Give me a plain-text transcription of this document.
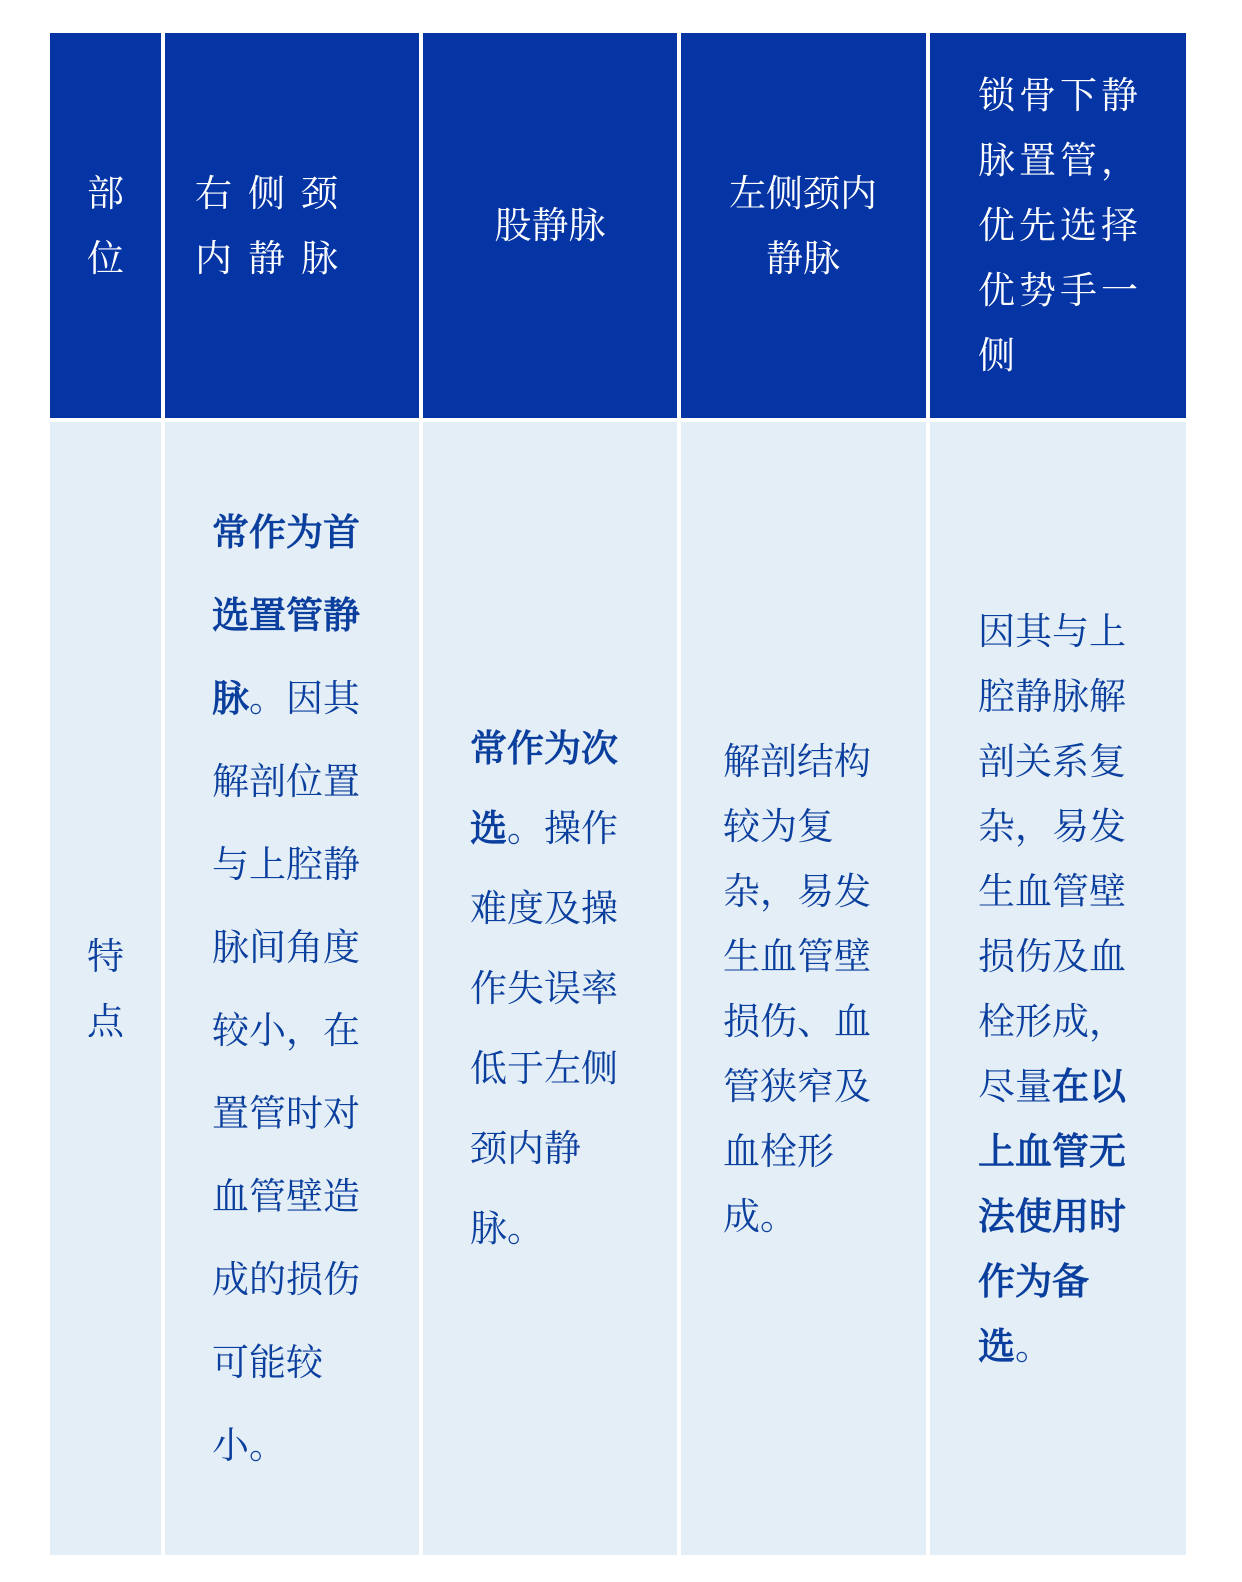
部位
右侧颈内静脉
股静脉
左侧颈内静脉
锁骨下静脉置管，优先选择优势手一侧
特点
常作为首选置管静脉。因其解剖位置与上腔静脉间角度较小，在置管时对血管壁造成的损伤可能较小。
常作为次选。操作难度及操作失误率低于左侧颈内静脉。
解剖结构较为复杂，易发生血管壁损伤、血管狭窄及血栓形成。
因其与上腔静脉解剖关系复杂，易发生血管壁损伤及血栓形成，尽量在以上血管无法使用时作为备选。
